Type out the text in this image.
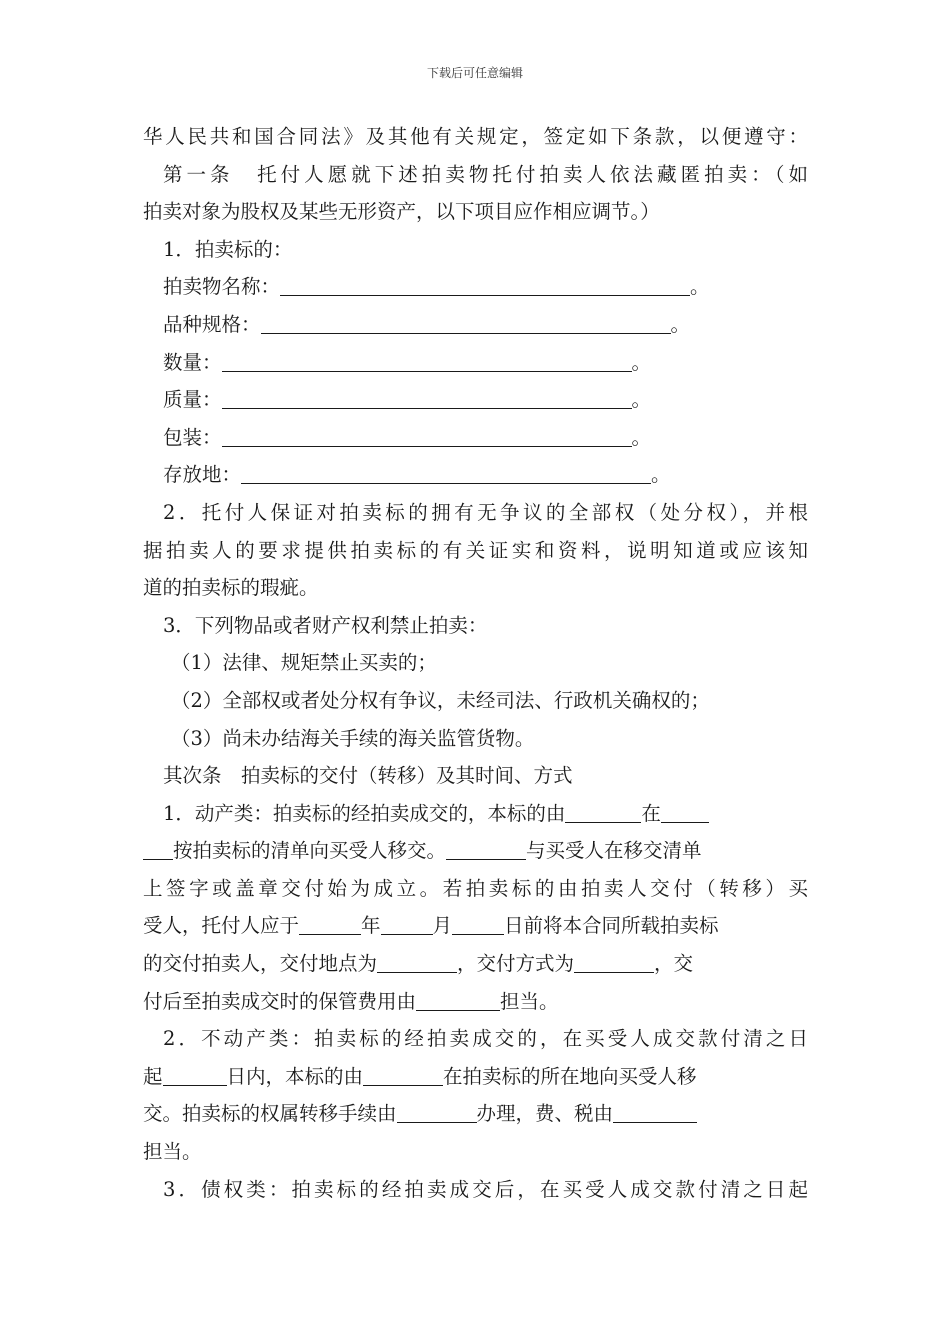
下载后可任意编辑
华人民共和国合同法》及其他有关规定，签定如下条款，以便遵守：
第一条　托付人愿就下述拍卖物托付拍卖人依法藏匿拍卖：（如
拍卖对象为股权及某些无形资产，以下项目应作相应调节。）
1．拍卖标的：
拍卖物名称：	。
品种规格：	。
数量：	。
质量：	。
包装：	。
存放地：	。
2．托付人保证对拍卖标的拥有无争议的全部权（处分权），并根
据拍卖人的要求提供拍卖标的有关证实和资料，说明知道或应该知
道的拍卖标的瑕疵。
3．下列物品或者财产权利禁止拍卖：
（1）法律、规矩禁止买卖的；
（2）全部权或者处分权有争议，未经司法、行政机关确权的；
（3）尚未办结海关手续的海关监管货物。
其次条　拍卖标的交付（转移）及其时间、方式
1．动产类：拍卖标的经拍卖成交的，本标的由	在
按拍卖标的清单向买受人移交。	与买受人在移交清单
上签字或盖章交付始为成立。若拍卖标的由拍卖人交付（转移）买
受人，托付人应于	年	月	日前将本合同所载拍卖标
的交付拍卖人，交付地点为	，交付方式为	，交
付后至拍卖成交时的保管费用由	担当。
2．不动产类：拍卖标的经拍卖成交的，在买受人成交款付清之日
起	日内，本标的由	在拍卖标的所在地向买受人移
交。拍卖标的权属转移手续由	办理，费、税由
担当。
3．债权类：拍卖标的经拍卖成交后，在买受人成交款付清之日起
